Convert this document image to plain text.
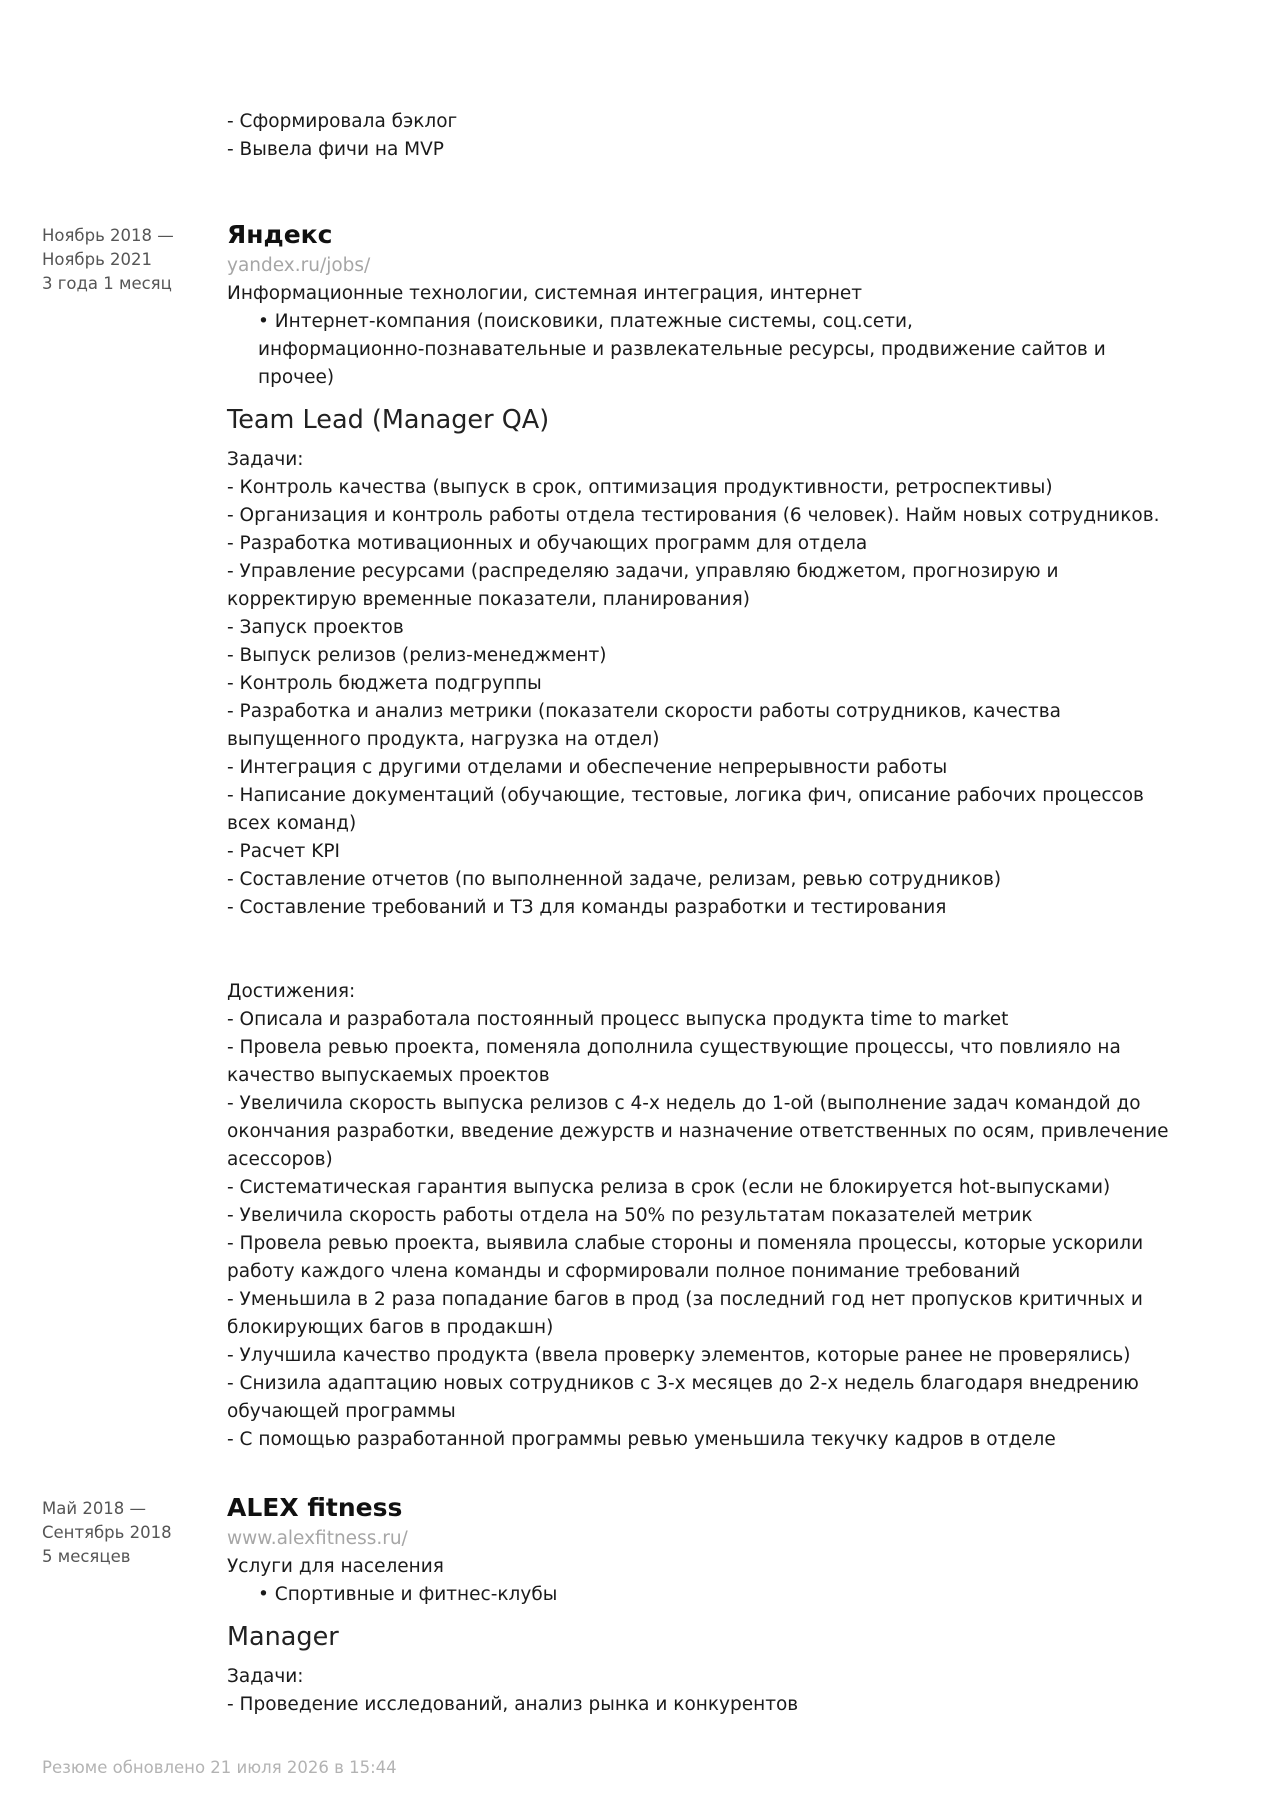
- Сформировала бэклог
- Вывела фичи на MVP
Ноябрь 2018 —
Ноябрь 2021
3 года 1 месяц
Яндекс
yandex.ru/jobs/
Информационные технологии, системная интеграция, интернет
• Интернет-компания (поисковики, платежные системы, соц.сети,
информационно-познавательные и развлекательные ресурсы, продвижение сайтов и
прочее)
Team Lead (Manager QA)
Задачи:
- Контроль качества (выпуск в срок, оптимизация продуктивности, ретроспективы)
- Организация и контроль работы отдела тестирования (6 человек). Найм новых сотрудников.
- Разработка мотивационных и обучающих программ для отдела
- Управление ресурсами (распределяю задачи, управляю бюджетом, прогнозирую и
корректирую временные показатели, планирования)
- Запуск проектов
- Выпуск релизов (релиз-менеджмент)
- Контроль бюджета подгруппы
- Разработка и анализ метрики (показатели скорости работы сотрудников, качества
выпущенного продукта, нагрузка на отдел)
- Интеграция с другими отделами и обеспечение непрерывности работы
- Написание документаций (обучающие, тестовые, логика фич, описание рабочих процессов
всех команд)
- Расчет KPI
- Составление отчетов (по выполненной задаче, релизам, ревью сотрудников)
- Составление требований и ТЗ для команды разработки и тестирования
Достижения:
- Описала и разработала постоянный процесс выпуска продукта time to market
- Провела ревью проекта, поменяла дополнила существующие процессы, что повлияло на
качество выпускаемых проектов
- Увеличила скорость выпуска релизов с 4-х недель до 1-ой (выполнение задач командой до
окончания разработки, введение дежурств и назначение ответственных по осям, привлечение
асессоров)
- Систематическая гарантия выпуска релиза в срок (если не блокируется hot-выпусками)
- Увеличила скорость работы отдела на 50% по результатам показателей метрик
- Провела ревью проекта, выявила слабые стороны и поменяла процессы, которые ускорили
работу каждого члена команды и сформировали полное понимание требований
- Уменьшила в 2 раза попадание багов в прод (за последний год нет пропусков критичных и
блокирующих багов в продакшн)
- Улучшила качество продукта (ввела проверку элементов, которые ранее не проверялись)
- Снизила адаптацию новых сотрудников с 3-х месяцев до 2-х недель благодаря внедрению
обучающей программы
- С помощью разработанной программы ревью уменьшила текучку кадров в отделе
Май 2018 —
Сентябрь 2018
5 месяцев
ALEX fitness
www.alexfitness.ru/
Услуги для населения
• Спортивные и фитнес-клубы
Manager
Задачи:
- Проведение исследований, анализ рынка и конкурентов
Резюме обновлено 21 июля 2026 в 15:44
